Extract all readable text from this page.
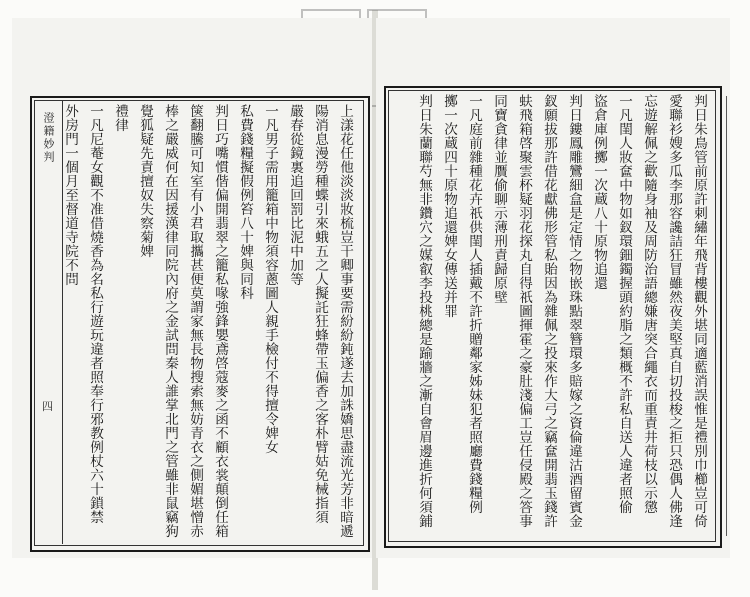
澄籍妙判
四	上漾花任他淡淡妝梳豈干卿事要需紛紛鈍遂去加誅嬌思盡流光芳非暗遞
陽消息漫勞種蝶引來蛾五之人擬託狂蜂帶玉偏香之客朴臂姑免械指須
嚴春從鏡裏追回罰比泥中加等
一凡男子需用籠箱中物須容蔥圖人親手檢付不得擅令婢女
私費錢糧擬假例笞八十婢與同科
判日巧嘴慣偕偏開翡翠之籠私喙強鋒嬰鳶啓蔻麥之函不顧衣裳顛倒任箱
箧翻騰可知室有小君取攜甚便莫謂家無長物搜索無妨青衣之側媚堪憎赤
棒之嚴威何在因援漢律同院內府之金試問秦人誰掌北門之管雖非鼠竊狗
覺狐疑先責擅奴失察菊婢
禮律
一凡尼菴女觀不准借燒香為名私行遊玩違者照奉行邪教例杖六十鎖禁
外房門一個月至督道寺院不問	判日朱鳥管前原許刺繡年飛背樓觀外堪同適藍消誤惟是禮別巾櫛豈可倚
愛聯衫嫂多瓜李那容讒詰狂冒雖然夜美堅真自切投梭之拒只恐偶人佛逢
忘遊解佩之歡隨身袖及周防治語總嫌唐突合繩衣而重責井荷枝以示懲
一凡閨人妝奩中物如釵環鈿鐲握頭約脂之類概不許私自送人違者照偷
盜倉庫例擲一次蔵八十原物追還
判日鏤鳳雕鸞細盒是定情之物嵌珠點翠簪環多賠嫁之資倫違沽酒留賓金
釵願拔那許借花獻佛形管私貽因為雜佩之投來作大弓之竊奩開翡玉錢許
蚨飛箱啓聚雲杯疑羽花探丸自得祇圖揮霍之豪肚淺偏工豈任侵殿之答事
同寶貪律並贋偷聊示薄刑責歸原壁
一凡庭前雜種花卉祇供閨人插戴不許折贈鄰家姊妹犯者照廳費錢糧例
擲一次蔵四十原物追還婢女傳送并罪
判日朱蘭聯芍無非鑽穴之媒叡李投桃總是踰牆之漸自會眉邊進折何須鋪
